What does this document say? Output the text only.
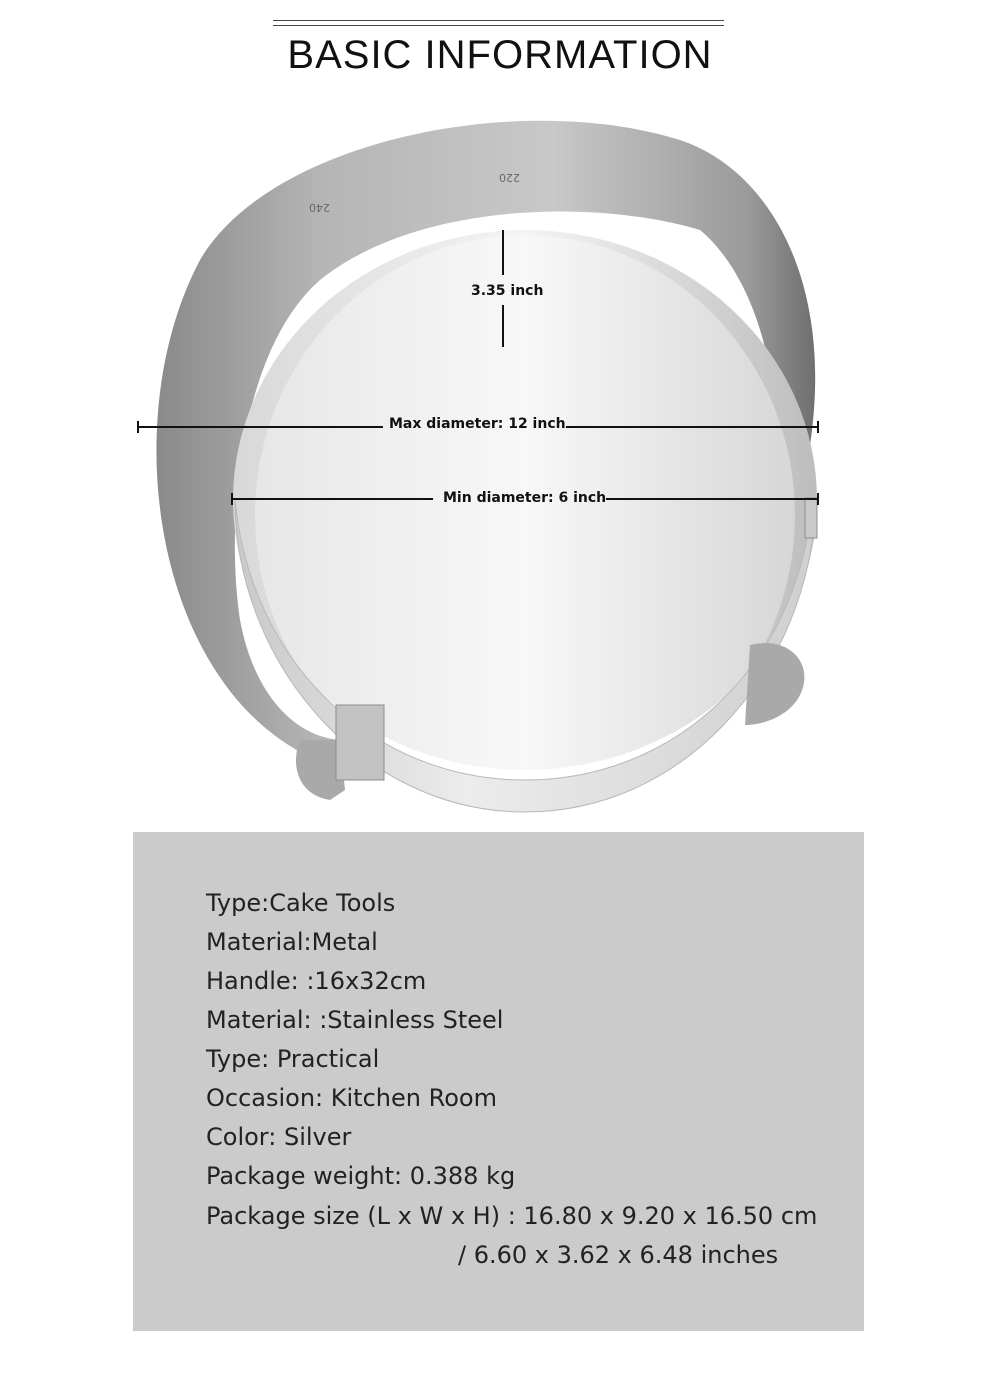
BASIC INFORMATION
240
220
3.35 inch
Max diameter: 12 inch
Min diameter: 6 inch
Type:Cake Tools
Material:Metal
Handle: :16x32cm
Material: :Stainless Steel
Type: Practical
Occasion: Kitchen Room
Color: Silver
Package weight: 0.388 kg
Package size (L x W x H) : 16.80 x 9.20 x 16.50 cm
/ 6.60 x 3.62 x 6.48 inches
